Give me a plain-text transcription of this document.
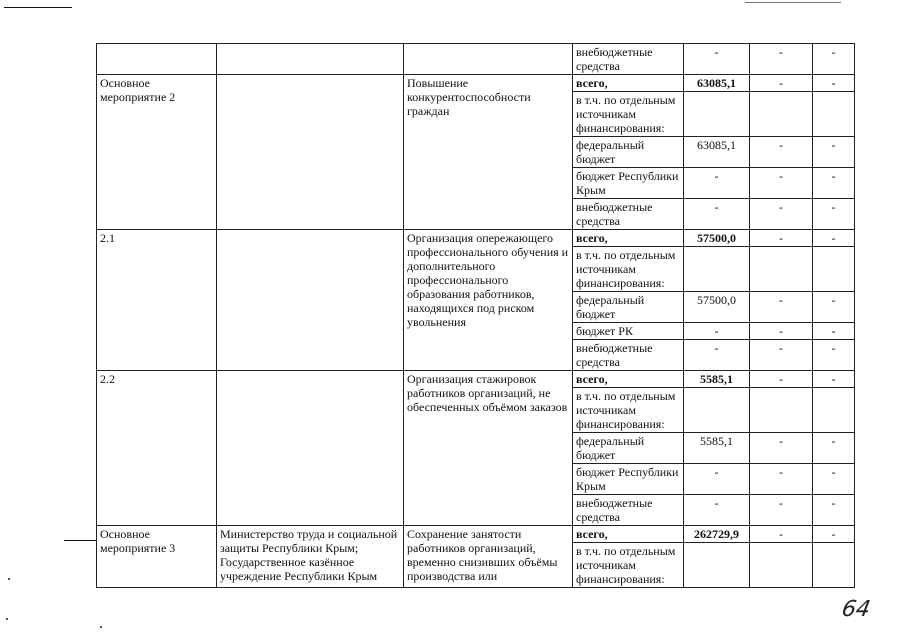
			внебюджетные средства	-	-	-
Основное мероприятие 2		Повышение конкурентоспособности граждан	всего,	63085,1	-	-
			в т.ч. по отдельным источникам финансирования:			
			федеральный бюджет	63085,1	-	-
			бюджет Республики Крым	-	-	-
			внебюджетные средства	-	-	-
2.1		Организация опережающего профессионального обучения и дополнительного профессионального образования работников, находящихся под риском увольнения	всего,	57500,0	-	-
			в т.ч. по отдельным источникам финансирования:			
			федеральный бюджет	57500,0	-	-
			бюджет РК	-	-	-
			внебюджетные средства	-	-	-
2.2		Организация стажировок работников организаций, не обеспеченных объёмом заказов	всего,	5585,1	-	-
			в т.ч. по отдельным источникам финансирования:			
			федеральный бюджет	5585,1	-	-
			бюджет Республики Крым	-	-	-
			внебюджетные средства	-	-	-
Основное мероприятие 3	Министерство труда и социальной защиты Республики Крым; Государственное казённое учреждение Республики Крым	Сохранение занятости работников организаций, временно снизивших объёмы производства или	всего,	262729,9	-	-
			в т.ч. по отдельным источникам финансирования:			
64
